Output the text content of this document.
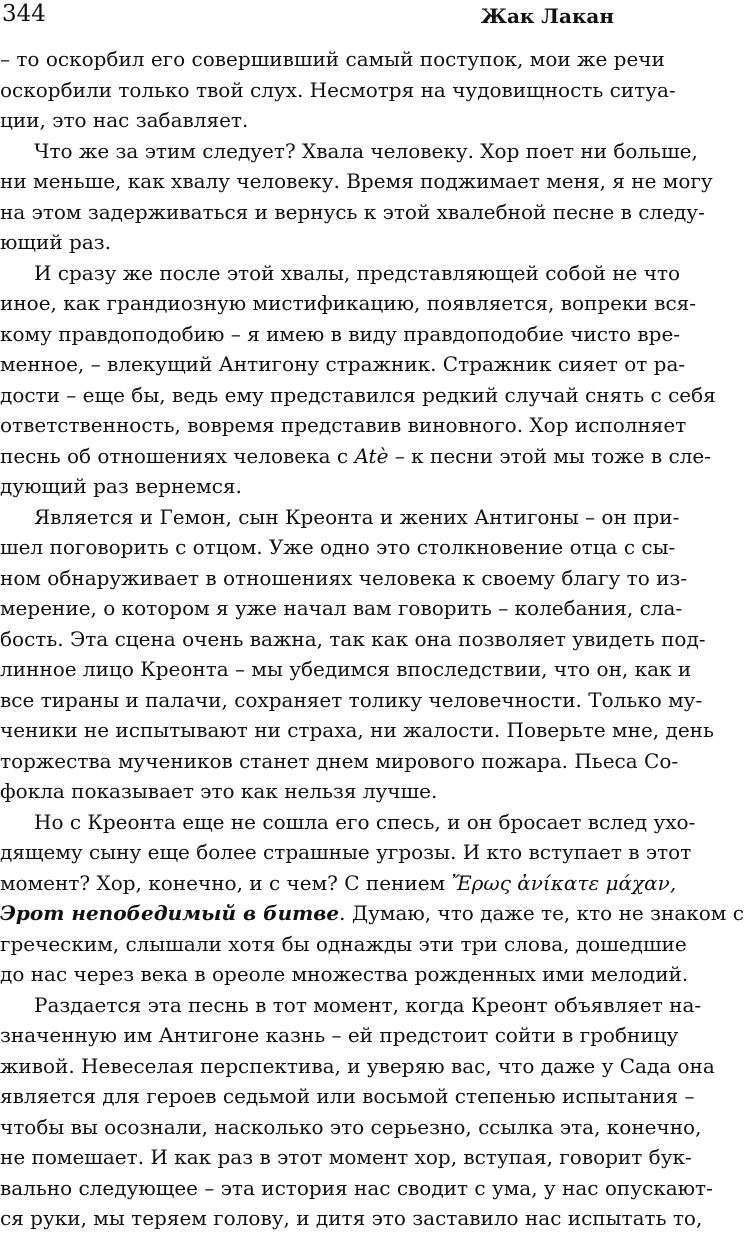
344	Жак Лакан
– то оскорбил его совершивший самый поступок, мои же речи
оскорбили только твой слух. Несмотря на чудовищность ситуа-
ции, это нас забавляет.
Что же за этим следует? Хвала человеку. Хор поет ни больше,
ни меньше, как хвалу человеку. Время поджимает меня, я не могу
на этом задерживаться и вернусь к этой хвалебной песне в следу-
ющий раз.
И сразу же после этой хвалы, представляющей собой не что
иное, как грандиозную мистификацию, появляется, вопреки вся-
кому правдоподобию – я имею в виду правдоподобие чисто вре-
менное, – влекущий Антигону стражник. Стражник сияет от ра-
дости – еще бы, ведь ему представился редкий случай снять с себя
ответственность, вовремя представив виновного. Хор исполняет
песнь об отношениях человека с Atè – к песни этой мы тоже в сле-
дующий раз вернемся.
Является и Гемон, сын Креонта и жених Антигоны – он при-
шел поговорить с отцом. Уже одно это столкновение отца с сы-
ном обнаруживает в отношениях человека к своему благу то из-
мерение, о котором я уже начал вам говорить – колебания, сла-
бость. Эта сцена очень важна, так как она позволяет увидеть под-
линное лицо Креонта – мы убедимся впоследствии, что он, как и
все тираны и палачи, сохраняет толику человечности. Только му-
ченики не испытывают ни страха, ни жалости. Поверьте мне, день
торжества мучеников станет днем мирового пожара. Пьеса Со-
фокла показывает это как нельзя лучше.
Но с Креонта еще не сошла его спесь, и он бросает вслед ухо-
дящему сыну еще более страшные угрозы. И кто вступает в этот
момент? Хор, конечно, и с чем? С пением Ἔρως ἀνίκατε μάχαν,
Эрот непобедимый в битве. Думаю, что даже те, кто не знаком с
греческим, слышали хотя бы однажды эти три слова, дошедшие
до нас через века в ореоле множества рожденных ими мелодий.
Раздается эта песнь в тот момент, когда Креонт объявляет на-
значенную им Антигоне казнь – ей предстоит сойти в гробницу
живой. Невеселая перспектива, и уверяю вас, что даже у Сада она
является для героев седьмой или восьмой степенью испытания –
чтобы вы осознали, насколько это серьезно, ссылка эта, конечно,
не помешает. И как раз в этот момент хор, вступая, говорит бук-
вально следующее – эта история нас сводит с ума, у нас опускают-
ся руки, мы теряем голову, и дитя это заставило нас испытать то,
